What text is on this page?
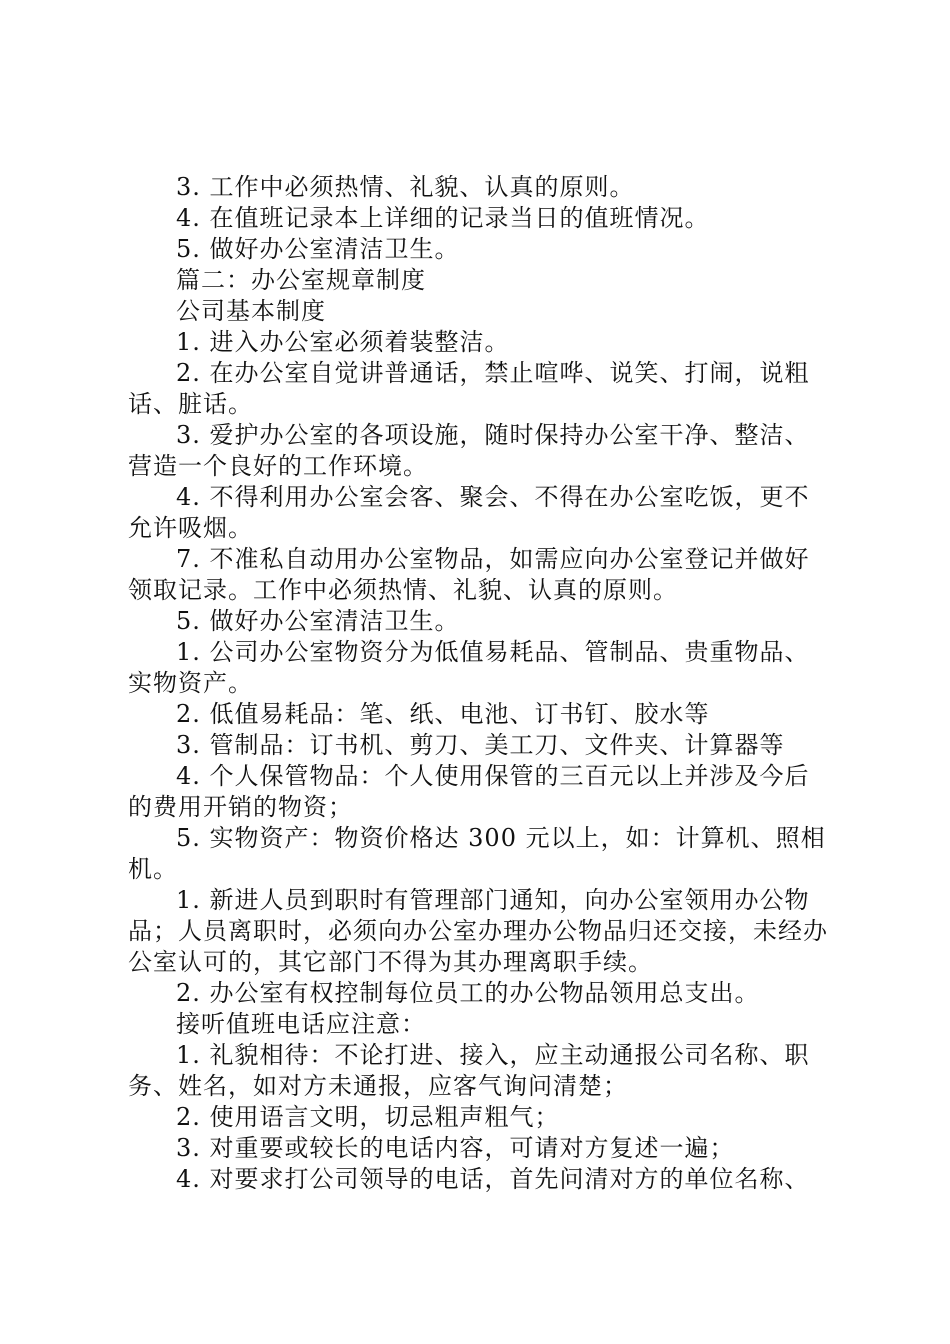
3. 工作中必须热情、礼貌、认真的原则。

4. 在值班记录本上详细的记录当日的值班情况。

5. 做好办公室清洁卫生。

篇二：办公室规章制度

公司基本制度

1. 进入办公室必须着装整洁。

2. 在办公室自觉讲普通话，禁止喧哗、说笑、打闹，说粗话、脏话。

3. 爱护办公室的各项设施，随时保持办公室干净、整洁、营造一个良好的工作环境。

4. 不得利用办公室会客、聚会、不得在办公室吃饭，更不允许吸烟。

7. 不准私自动用办公室物品，如需应向办公室登记并做好领取记录。工作中必须热情、礼貌、认真的原则。

5. 做好办公室清洁卫生。

1. 公司办公室物资分为低值易耗品、管制品、贵重物品、实物资产。

2. 低值易耗品：笔、纸、电池、订书钉、胶水等

3. 管制品：订书机、剪刀、美工刀、文件夹、计算器等

4. 个人保管物品：个人使用保管的三百元以上并涉及今后的费用开销的物资；

5. 实物资产：物资价格达 300 元以上，如：计算机、照相机。

1. 新进人员到职时有管理部门通知，向办公室领用办公物品；人员离职时，必须向办公室办理办公物品归还交接，未经办公室认可的，其它部门不得为其办理离职手续。

2. 办公室有权控制每位员工的办公物品领用总支出。

接听值班电话应注意：

1. 礼貌相待：不论打进、接入，应主动通报公司名称、职务、姓名，如对方未通报，应客气询问清楚；

2. 使用语言文明，切忌粗声粗气；

3. 对重要或较长的电话内容，可请对方复述一遍；

4. 对要求打公司领导的电话，首先问清对方的单位名称、
